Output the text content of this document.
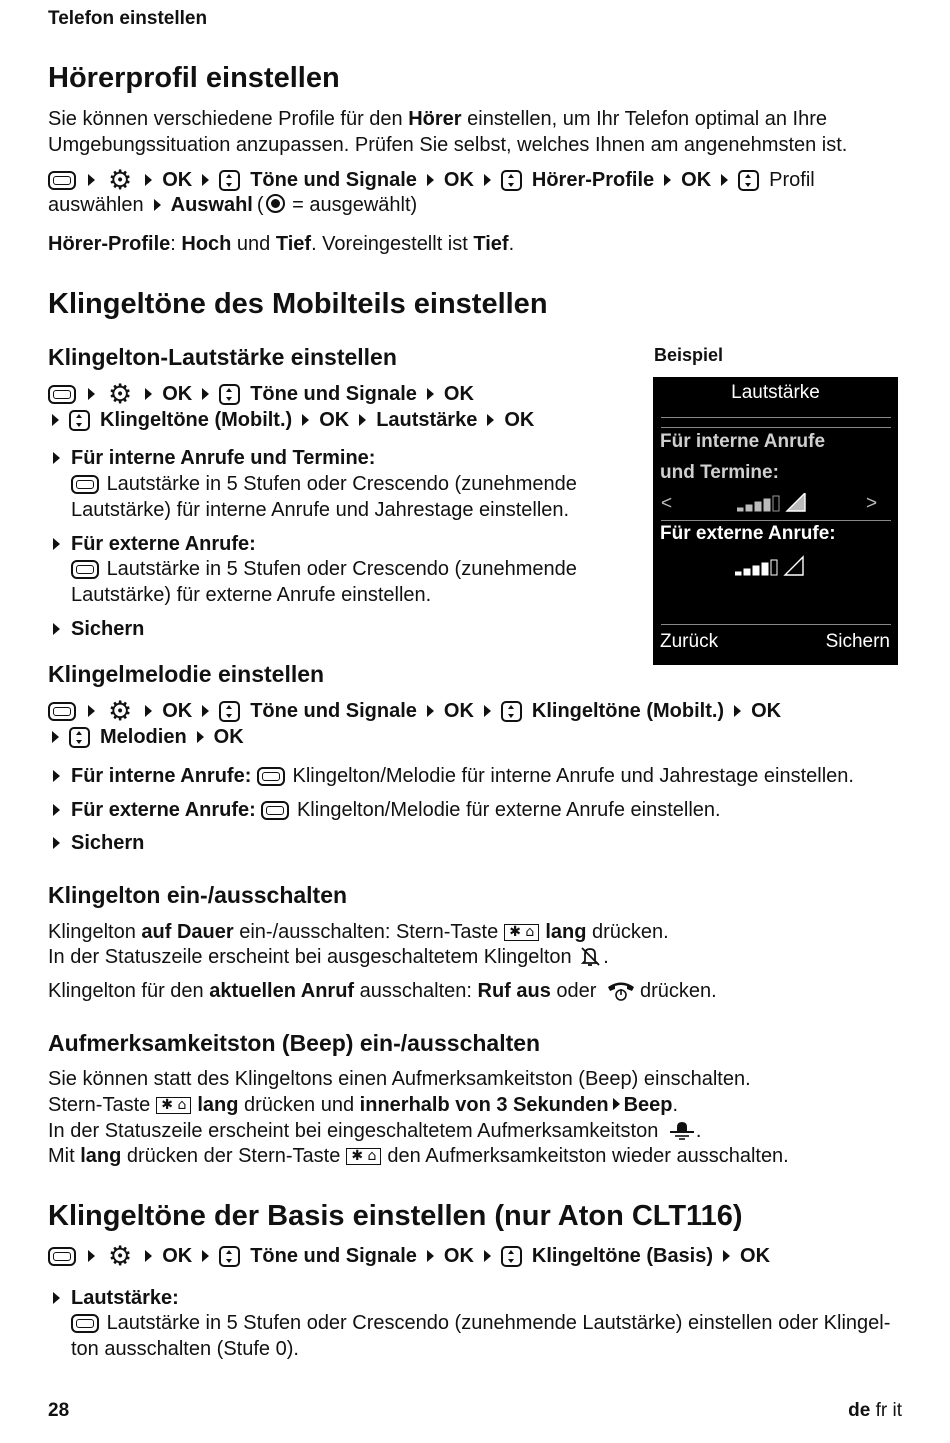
Telefon einstellen
Hörerprofil einstellen
Sie können verschiedene Profile für den Hörer einstellen, um Ihr Telefon optimal an Ihre
Umgebungssituation anzupassen. Prüfen Sie selbst, welches Ihnen am angenehmsten ist.
⚙ OK	Töne und Signale OK	Hörer-Profile OK	Profil
auswählen Auswahl ( = ausgewählt)
Hörer-Profile: Hoch und Tief. Voreingestellt ist Tief.
Klingeltöne des Mobilteils einstellen
Klingelton-Lautstärke einstellen
⚙ OK	Töne und Signale OK
Klingeltöne (Mobilt.) OK Lautstärke OK
Für interne Anrufe und Termine:
Lautstärke in 5 Stufen oder Crescendo (zunehmende
Lautstärke) für interne Anrufe und Jahrestage einstellen.
Für externe Anrufe:
Lautstärke in 5 Stufen oder Crescendo (zunehmende
Lautstärke) für externe Anrufe einstellen.
Sichern
Beispiel
Lautstärke
Für interne Anrufe
und Termine:
<	>
Für externe Anrufe:
Zurück	Sichern
Klingelmelodie einstellen
⚙ OK	Töne und Signale OK	Klingeltöne (Mobilt.) OK
Melodien OK
Für interne Anrufe: Klingelton/Melodie für interne Anrufe und Jahrestage einstellen.
Für externe Anrufe: Klingelton/Melodie für externe Anrufe einstellen.
Sichern
Klingelton ein-/ausschalten
Klingelton auf Dauer ein-/ausschalten: Stern-Taste ✱ ⌂ lang drücken.
In der Statuszeile erscheint bei ausgeschaltetem Klingelton .
Klingelton für den aktuellen Anruf ausschalten: Ruf aus oder drücken.
Aufmerksamkeitston (Beep) ein-/ausschalten
Sie können statt des Klingeltons einen Aufmerksamkeitston (Beep) einschalten.
Stern-Taste ✱ ⌂ lang drücken und innerhalb von 3 Sekunden Beep.
In der Statuszeile erscheint bei eingeschaltetem Aufmerksamkeitston .
Mit lang drücken der Stern-Taste ✱ ⌂ den Aufmerksamkeitston wieder ausschalten.
Klingeltöne der Basis einstellen (nur Aton CLT116)
⚙ OK	Töne und Signale OK	Klingeltöne (Basis) OK
Lautstärke:
Lautstärke in 5 Stufen oder Crescendo (zunehmende Lautstärke) einstellen oder Klingel-
ton ausschalten (Stufe 0).
28	de fr it
